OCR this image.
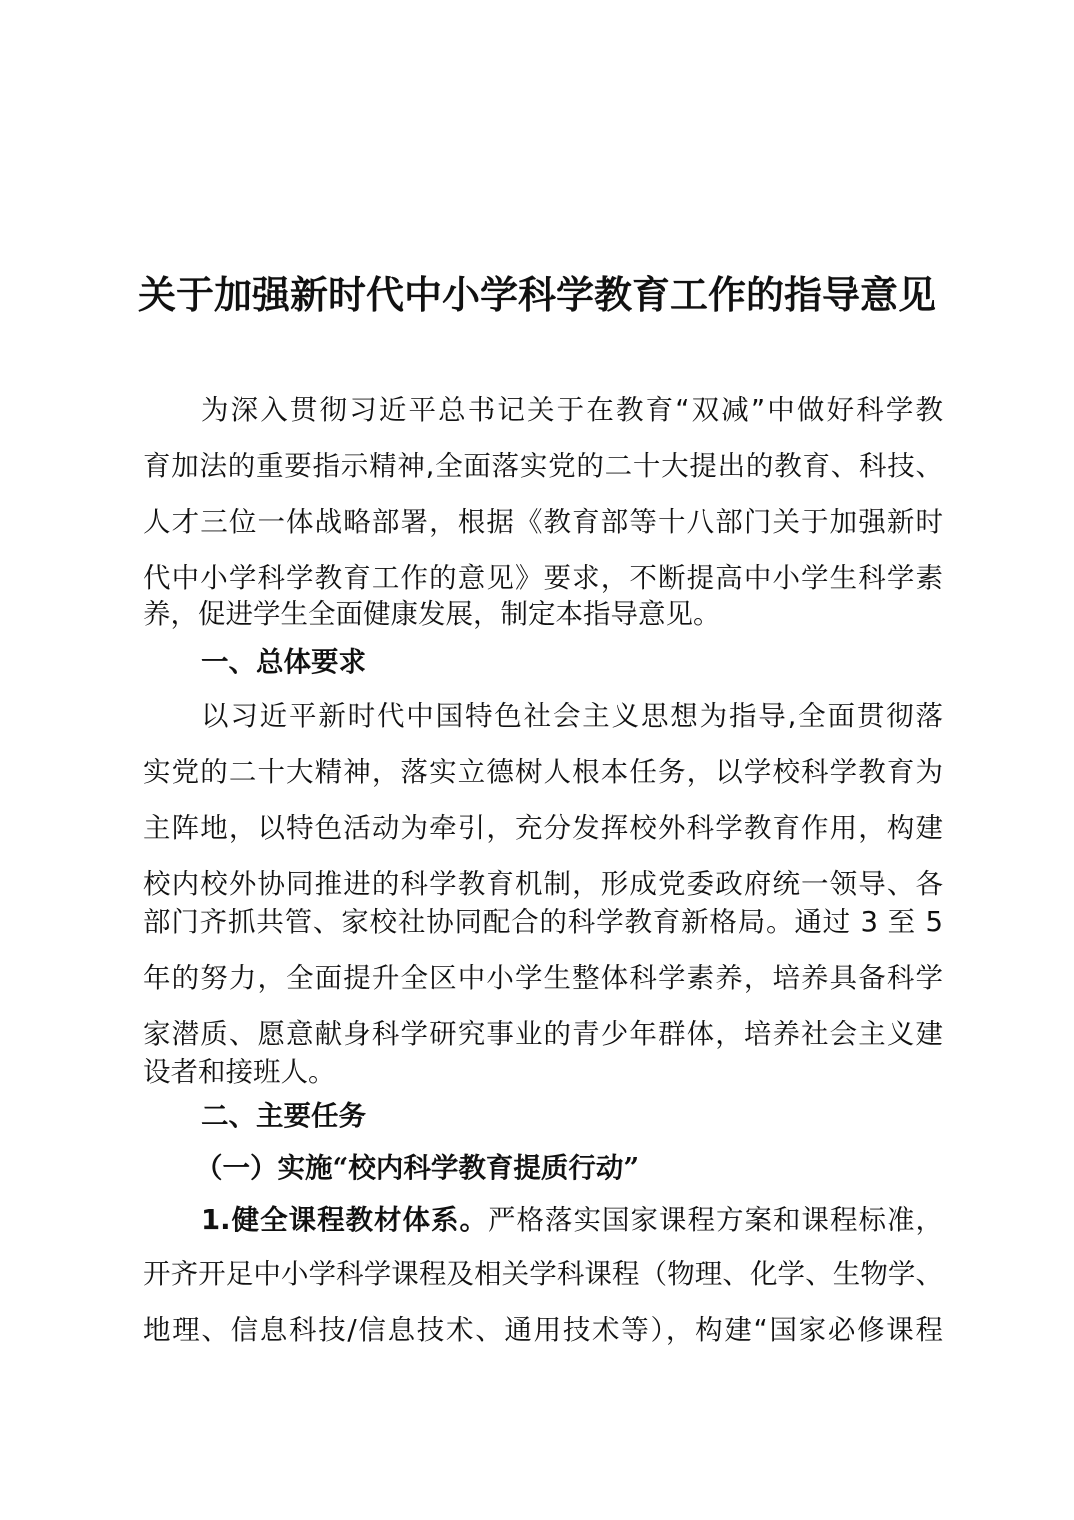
关于加强新时代中小学科学教育工作的指导意见
为深入贯彻习近平总书记关于在教育“双减”中做好科学教
育加法的重要指示精神,全面落实党的二十大提出的教育、科技、
人才三位一体战略部署，根据《教育部等十八部门关于加强新时
代中小学科学教育工作的意见》要求，不断提高中小学生科学素
养，促进学生全面健康发展，制定本指导意见。
一、总体要求
以习近平新时代中国特色社会主义思想为指导,全面贯彻落
实党的二十大精神，落实立德树人根本任务，以学校科学教育为
主阵地，以特色活动为牵引，充分发挥校外科学教育作用，构建
校内校外协同推进的科学教育机制，形成党委政府统一领导、各
部门齐抓共管、家校社协同配合的科学教育新格局。通过 3 至 5
年的努力，全面提升全区中小学生整体科学素养，培养具备科学
家潜质、愿意献身科学研究事业的青少年群体，培养社会主义建
设者和接班人。
二、主要任务
（一）实施“校内科学教育提质行动”
1.健全课程教材体系。严格落实国家课程方案和课程标准，
开齐开足中小学科学课程及相关学科课程（物理、化学、生物学、
地理、信息科技/信息技术、通用技术等），构建“国家必修课程
